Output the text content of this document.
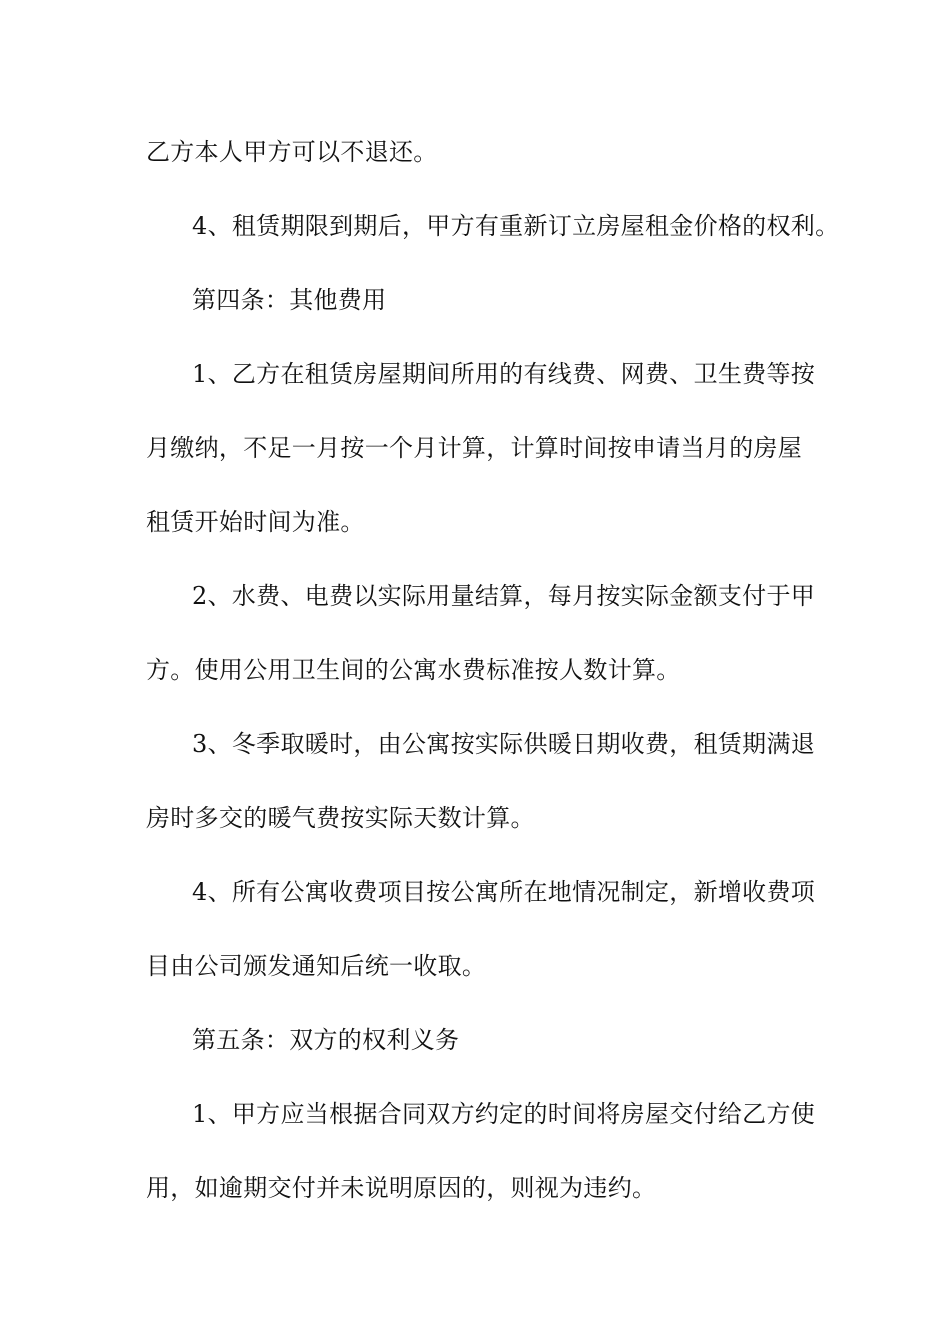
乙方本人甲方可以不退还。
4、租赁期限到期后，甲方有重新订立房屋租金价格的权利。
第四条：其他费用
1、乙方在租赁房屋期间所用的有线费、网费、卫生费等按
月缴纳，不足一月按一个月计算，计算时间按申请当月的房屋
租赁开始时间为准。
2、水费、电费以实际用量结算，每月按实际金额支付于甲
方。使用公用卫生间的公寓水费标准按人数计算。
3、冬季取暖时，由公寓按实际供暖日期收费，租赁期满退
房时多交的暖气费按实际天数计算。
4、所有公寓收费项目按公寓所在地情况制定，新增收费项
目由公司颁发通知后统一收取。
第五条：双方的权利义务
1、甲方应当根据合同双方约定的时间将房屋交付给乙方使
用，如逾期交付并未说明原因的，则视为违约。
